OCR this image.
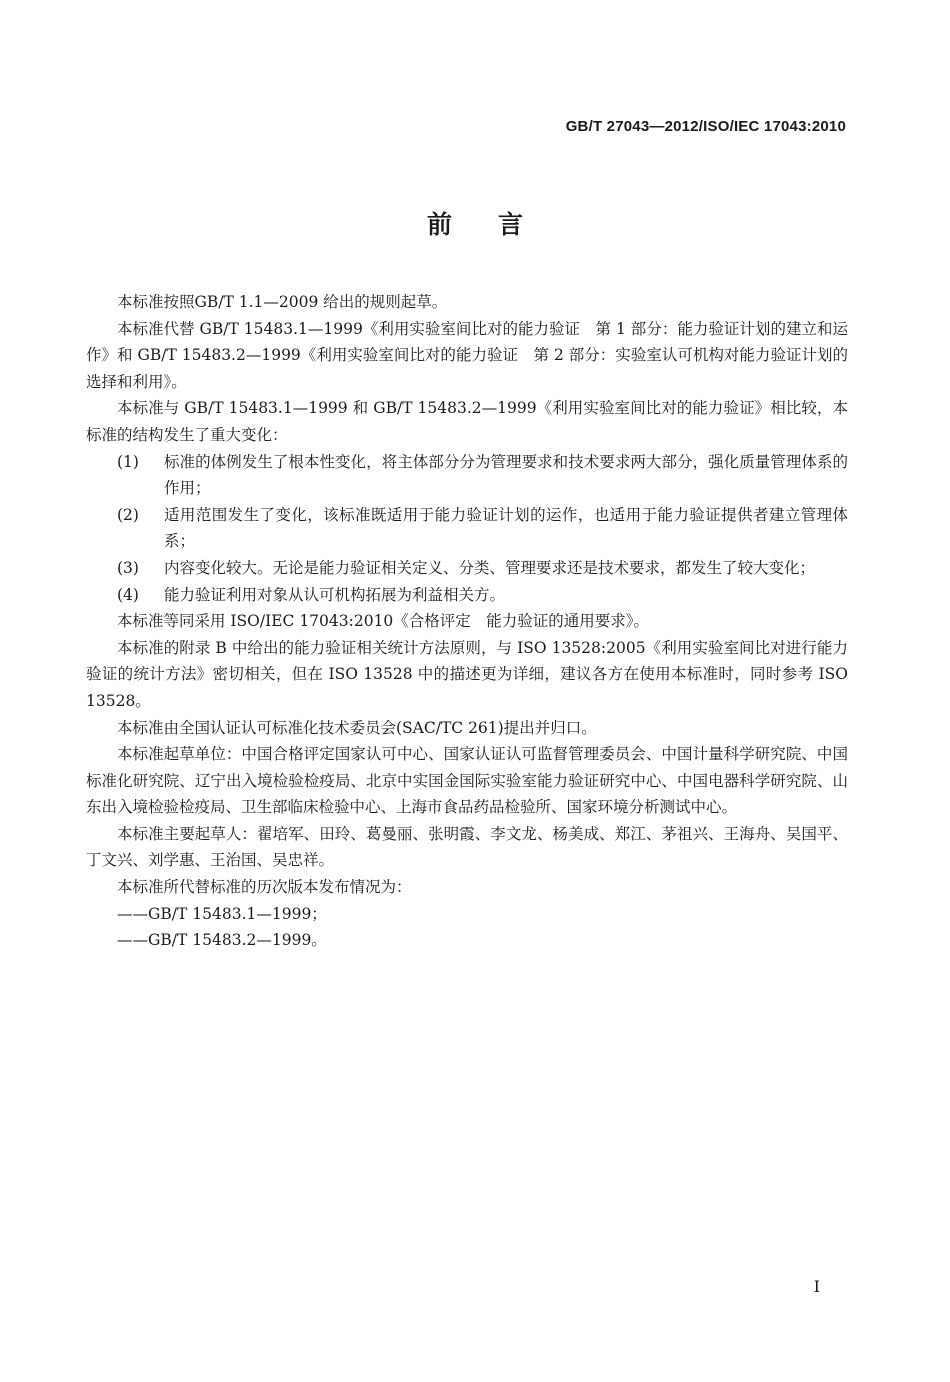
GB/T 27043—2012/ISO/IEC 17043:2010
前言

本标准按照GB/T 1.1—2009 给出的规则起草。

本标准代替 GB/T 15483.1—1999《利用实验室间比对的能力验证　第 1 部分：能力验证计划的建立和运作》和 GB/T 15483.2—1999《利用实验室间比对的能力验证　第 2 部分：实验室认可机构对能力验证计划的选择和利用》。

本标准与 GB/T 15483.1—1999 和 GB/T 15483.2—1999《利用实验室间比对的能力验证》相比较，本标准的结构发生了重大变化：

(1)	标准的体例发生了根本性变化，将主体部分分为管理要求和技术要求两大部分，强化质量管理体系的作用；
(2)	适用范围发生了变化，该标准既适用于能力验证计划的运作，也适用于能力验证提供者建立管理体系；
(3)	内容变化较大。无论是能力验证相关定义、分类、管理要求还是技术要求，都发生了较大变化；
(4)	能力验证利用对象从认可机构拓展为利益相关方。

本标准等同采用 ISO/IEC 17043:2010《合格评定　能力验证的通用要求》。

本标准的附录 B 中给出的能力验证相关统计方法原则，与 ISO 13528:2005《利用实验室间比对进行能力验证的统计方法》密切相关，但在 ISO 13528 中的描述更为详细，建议各方在使用本标准时，同时参考 ISO 13528。

本标准由全国认证认可标准化技术委员会(SAC/TC 261)提出并归口。

本标准起草单位：中国合格评定国家认可中心、国家认证认可监督管理委员会、中国计量科学研究院、中国标准化研究院、辽宁出入境检验检疫局、北京中实国金国际实验室能力验证研究中心、中国电器科学研究院、山东出入境检验检疫局、卫生部临床检验中心、上海市食品药品检验所、国家环境分析测试中心。

本标准主要起草人：翟培军、田玲、葛曼丽、张明霞、李文龙、杨美成、郑江、茅祖兴、王海舟、吴国平、丁文兴、刘学惠、王治国、吴忠祥。

本标准所代替标准的历次版本发布情况为：

——GB/T 15483.1—1999；

——GB/T 15483.2—1999。

I
